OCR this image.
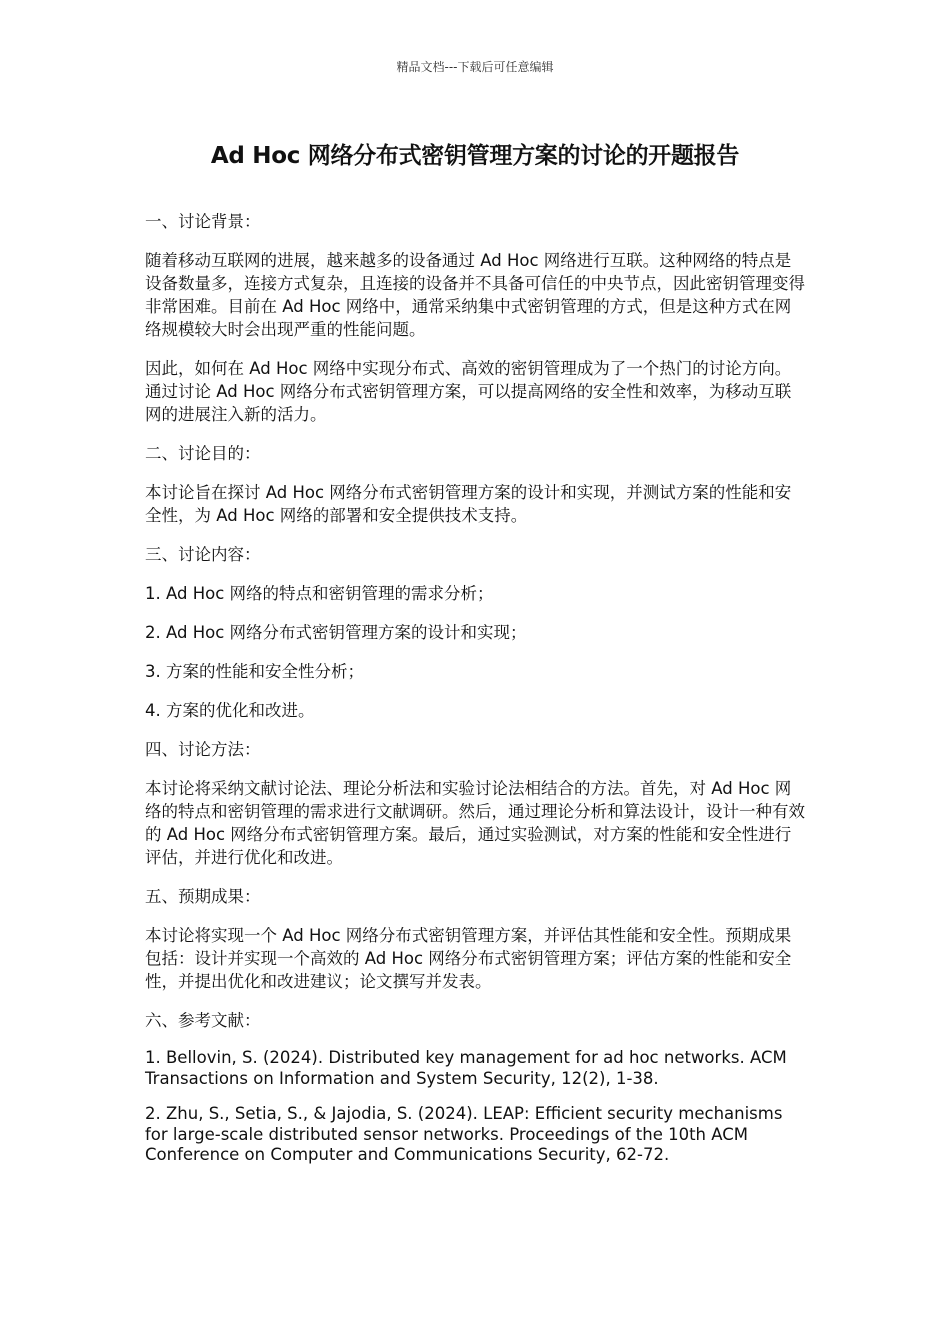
精品文档---下载后可任意编辑
Ad Hoc 网络分布式密钥管理方案的讨论的开题报告

一、讨论背景：

随着移动互联网的进展，越来越多的设备通过 Ad Hoc 网络进行互联。这种网络的特点是设备数量多，连接方式复杂，且连接的设备并不具备可信任的中央节点，因此密钥管理变得非常困难。目前在 Ad Hoc 网络中，通常采纳集中式密钥管理的方式，但是这种方式在网络规模较大时会出现严重的性能问题。

因此，如何在 Ad Hoc 网络中实现分布式、高效的密钥管理成为了一个热门的讨论方向。通过讨论 Ad Hoc 网络分布式密钥管理方案，可以提高网络的安全性和效率，为移动互联网的进展注入新的活力。

二、讨论目的：

本讨论旨在探讨 Ad Hoc 网络分布式密钥管理方案的设计和实现，并测试方案的性能和安全性，为 Ad Hoc 网络的部署和安全提供技术支持。

三、讨论内容：

1. Ad Hoc 网络的特点和密钥管理的需求分析；

2. Ad Hoc 网络分布式密钥管理方案的设计和实现；

3. 方案的性能和安全性分析；

4. 方案的优化和改进。

四、讨论方法：

本讨论将采纳文献讨论法、理论分析法和实验讨论法相结合的方法。首先，对 Ad Hoc 网络的特点和密钥管理的需求进行文献调研。然后，通过理论分析和算法设计，设计一种有效的 Ad Hoc 网络分布式密钥管理方案。最后，通过实验测试，对方案的性能和安全性进行评估，并进行优化和改进。

五、预期成果：

本讨论将实现一个 Ad Hoc 网络分布式密钥管理方案，并评估其性能和安全性。预期成果包括：设计并实现一个高效的 Ad Hoc 网络分布式密钥管理方案；评估方案的性能和安全性，并提出优化和改进建议；论文撰写并发表。

六、参考文献：

1. Bellovin, S. (2024). Distributed key management for ad hoc networks. ACM Transactions on Information and System Security, 12(2), 1-38.

2. Zhu, S., Setia, S., & Jajodia, S. (2024). LEAP: Efficient security mechanisms for large-scale distributed sensor networks. Proceedings of the 10th ACM Conference on Computer and Communications Security, 62-72.
